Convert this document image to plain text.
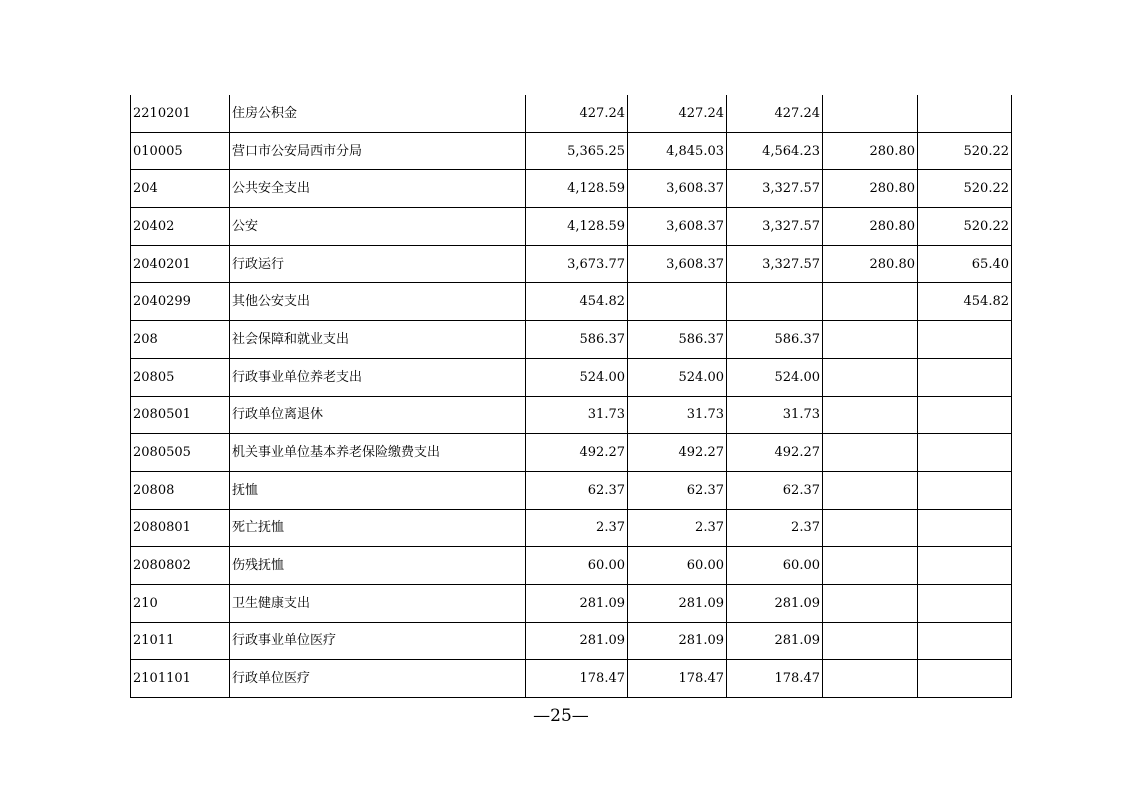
2210201	住房公积金	427.24	427.24	427.24		
010005	营口市公安局西市分局	5,365.25	4,845.03	4,564.23	280.80	520.22
204	公共安全支出	4,128.59	3,608.37	3,327.57	280.80	520.22
20402	公安	4,128.59	3,608.37	3,327.57	280.80	520.22
2040201	行政运行	3,673.77	3,608.37	3,327.57	280.80	65.40
2040299	其他公安支出	454.82				454.82
208	社会保障和就业支出	586.37	586.37	586.37		
20805	行政事业单位养老支出	524.00	524.00	524.00		
2080501	行政单位离退休	31.73	31.73	31.73		
2080505	机关事业单位基本养老保险缴费支出	492.27	492.27	492.27		
20808	抚恤	62.37	62.37	62.37		
2080801	死亡抚恤	2.37	2.37	2.37		
2080802	伤残抚恤	60.00	60.00	60.00		
210	卫生健康支出	281.09	281.09	281.09		
21011	行政事业单位医疗	281.09	281.09	281.09		
2101101	行政单位医疗	178.47	178.47	178.47		
—25—
